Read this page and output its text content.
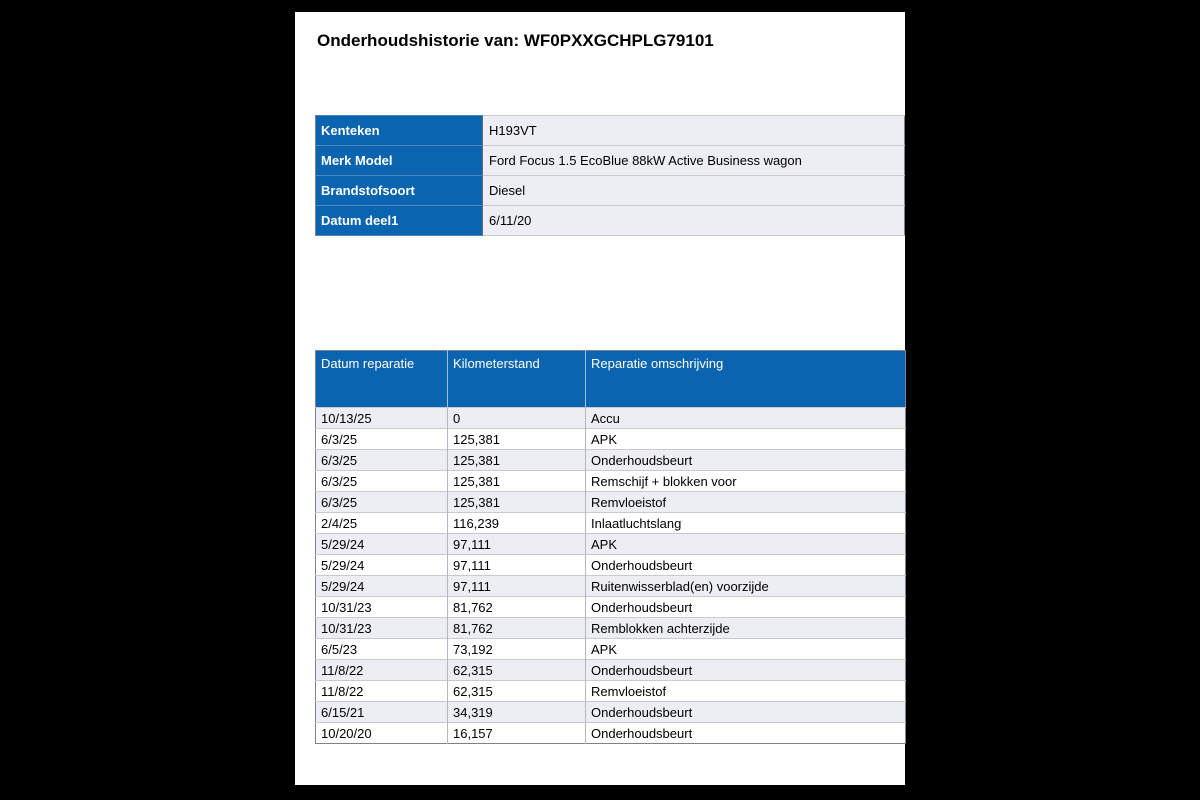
Onderhoudshistorie van: WF0PXXGCHPLG79101
Kenteken	H193VT
Merk Model	Ford Focus 1.5 EcoBlue 88kW Active Business wagon
Brandstofsoort	Diesel
Datum deel1	6/11/20
Datum reparatie	Kilometerstand	Reparatie omschrijving
10/13/25	0	Accu
6/3/25	125,381	APK
6/3/25	125,381	Onderhoudsbeurt
6/3/25	125,381	Remschijf + blokken voor
6/3/25	125,381	Remvloeistof
2/4/25	116,239	Inlaatluchtslang
5/29/24	97,111	APK
5/29/24	97,111	Onderhoudsbeurt
5/29/24	97,111	Ruitenwisserblad(en) voorzijde
10/31/23	81,762	Onderhoudsbeurt
10/31/23	81,762	Remblokken achterzijde
6/5/23	73,192	APK
11/8/22	62,315	Onderhoudsbeurt
11/8/22	62,315	Remvloeistof
6/15/21	34,319	Onderhoudsbeurt
10/20/20	16,157	Onderhoudsbeurt
